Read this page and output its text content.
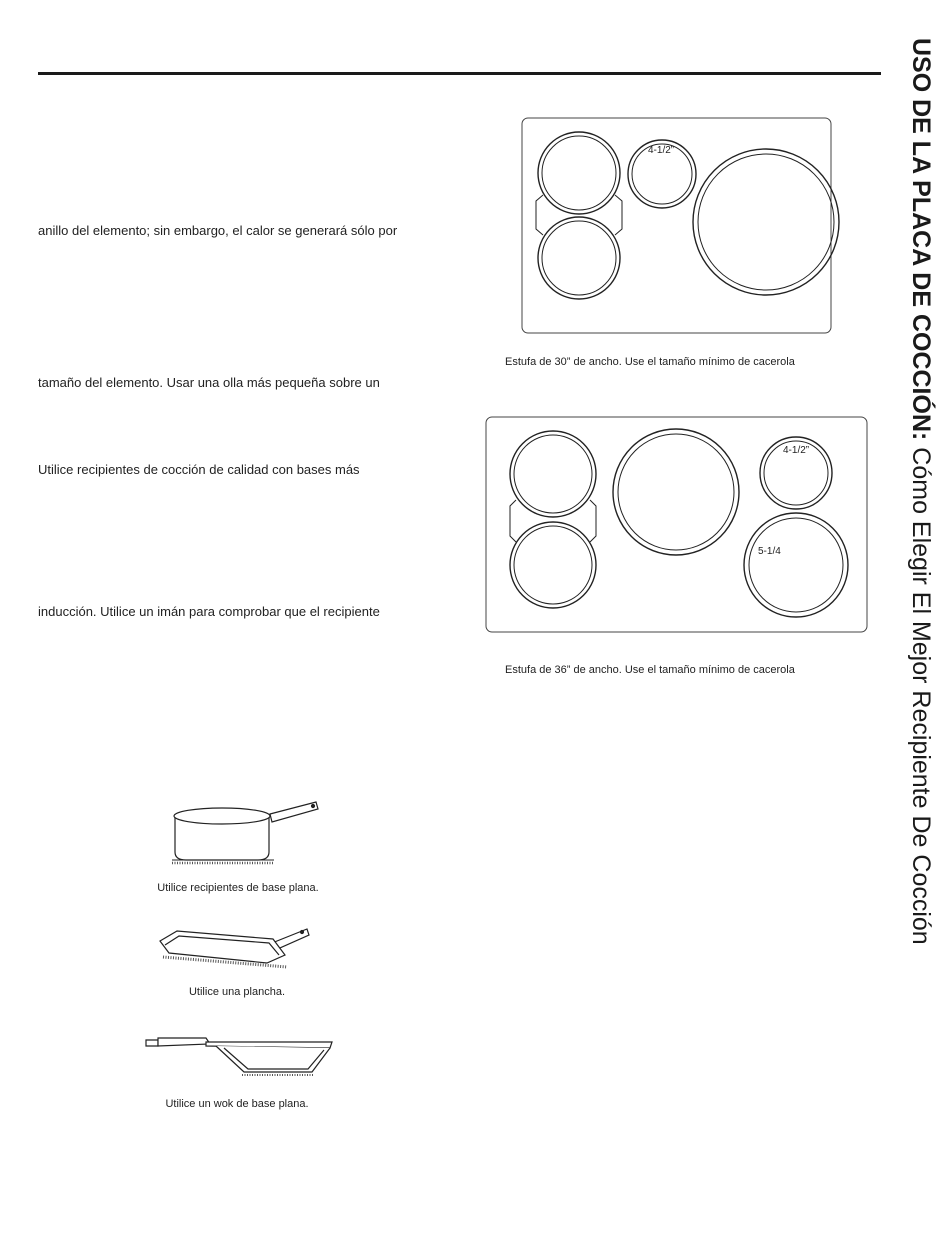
anillo del elemento; sin embargo, el calor se generará sólo por
tamaño del elemento. Usar una olla más pequeña sobre un
Utilice recipientes de cocción de calidad con bases más
inducción. Utilice un imán para comprobar que el recipiente
4-1/2”
Estufa de 30” de ancho. Use el tamaño mínimo de cacerola
4-1/2”
5-1/4
Estufa de 36” de ancho. Use el tamaño mínimo de cacerola
Utilice recipientes de base plana.
Utilice una plancha.
Utilice un wok de base plana.
USO DE LA PLACA DE COCCIÓN: Cómo Elegir El Mejor Recipiente De Cocción
